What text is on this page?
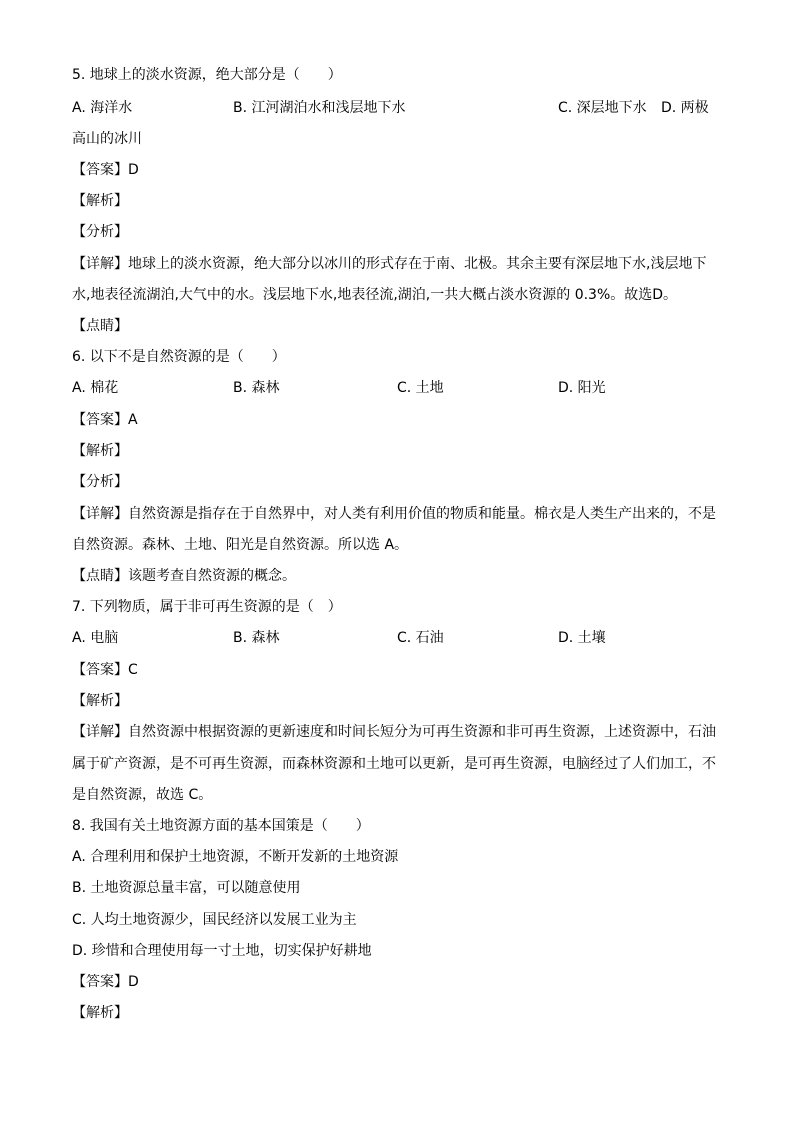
5. 地球上的淡水资源，绝大部分是（　　）
A. 海洋水	B. 江河湖泊水和浅层地下水	C. 深层地下水 D. 两极
高山的冰川
【答案】D
【解析】
【分析】
【详解】地球上的淡水资源，绝大部分以冰川的形式存在于南、北极。其余主要有深层地下水,浅层地下
水,地表径流湖泊,大气中的水。浅层地下水,地表径流,湖泊,一共大概占淡水资源的 0.3%。故选D。
【点睛】
6. 以下不是自然资源的是（　　）
A. 棉花	B. 森林	C. 土地	D. 阳光
【答案】A
【解析】
【分析】
【详解】自然资源是指存在于自然界中，对人类有利用价值的物质和能量。棉衣是人类生产出来的，不是
自然资源。森林、土地、阳光是自然资源。所以选 A。
【点睛】该题考查自然资源的概念。
7. 下列物质，属于非可再生资源的是（　）
A. 电脑	B. 森林	C. 石油	D. 土壤
【答案】C
【解析】
【详解】自然资源中根据资源的更新速度和时间长短分为可再生资源和非可再生资源，上述资源中，石油
属于矿产资源，是不可再生资源，而森林资源和土地可以更新，是可再生资源，电脑经过了人们加工，不
是自然资源，故选 C。
8. 我国有关土地资源方面的基本国策是（　　）
A. 合理利用和保护土地资源，不断开发新的土地资源
B. 土地资源总量丰富，可以随意使用
C. 人均土地资源少，国民经济以发展工业为主
D. 珍惜和合理使用每一寸土地，切实保护好耕地
【答案】D
【解析】
